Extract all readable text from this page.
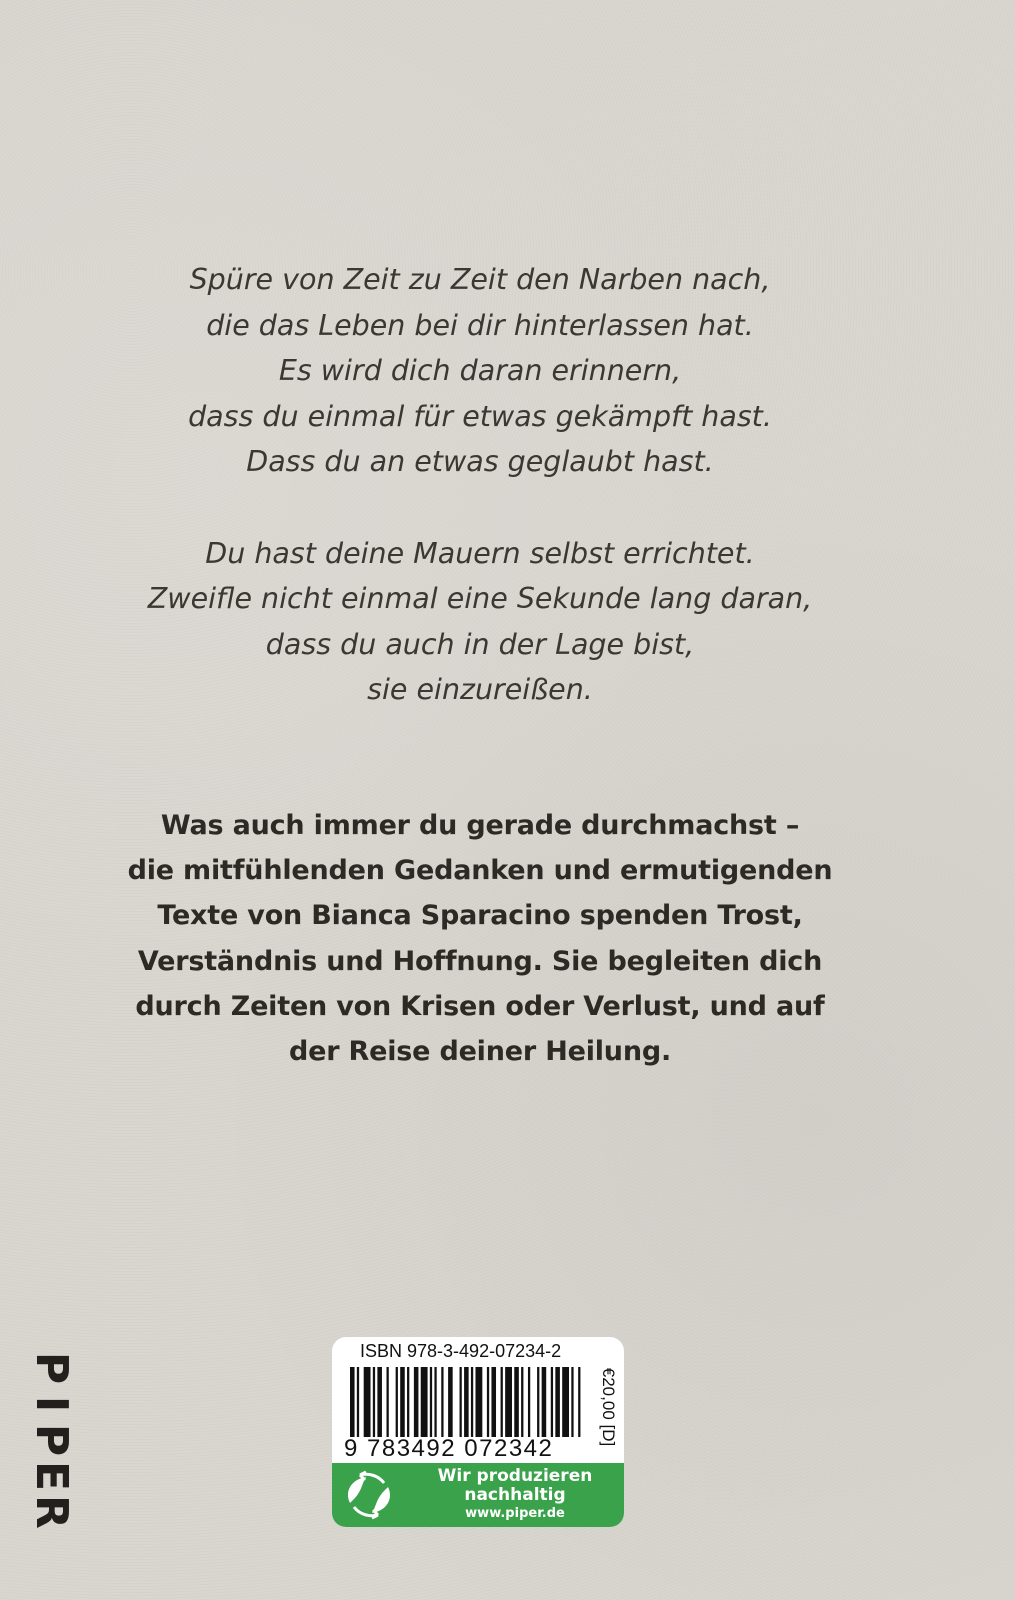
Spüre von Zeit zu Zeit den Narben nach,
die das Leben bei dir hinterlassen hat.
Es wird dich daran erinnern,
dass du einmal für etwas gekämpft hast.
Dass du an etwas geglaubt hast.

Du hast deine Mauern selbst errichtet.
Zweifle nicht einmal eine Sekunde lang daran,
dass du auch in der Lage bist,
sie einzureißen.

Was auch immer du gerade durchmachst –
die mitfühlenden Gedanken und ermutigenden
Texte von Bianca Sparacino spenden Trost,
Verständnis und Hoffnung. Sie begleiten dich
durch Zeiten von Krisen oder Verlust, und auf
der Reise deiner Heilung.
P
I
P
E
R
ISBN 978-3-492-07234-2
9 783492 072342
€20,00 [D]
Wir produzieren
nachhaltig
www.piper.de
